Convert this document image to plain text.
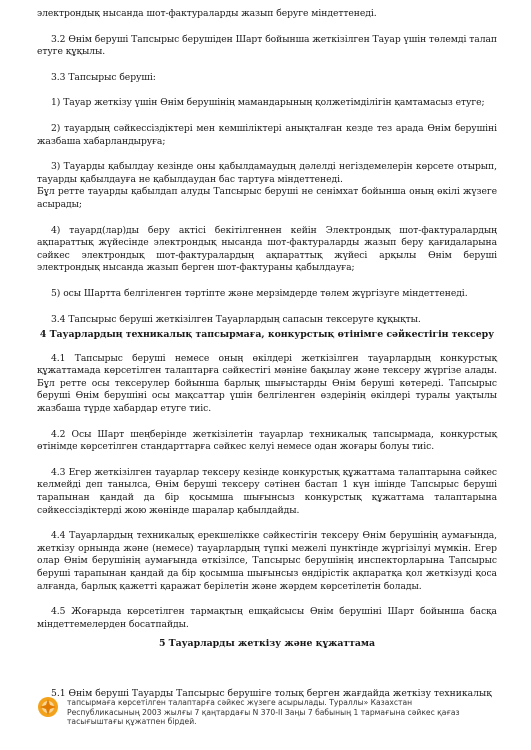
электрондық нысанда шот-фактураларды жазып беруге міндеттенеді.

3.2 Өнім беруші Тапсырыс берушіден Шарт бойынша жеткізілген Тауар үшін төлемді талап етуге құқылы.

3.3 Тапсырыс беруші:

1) Тауар жеткізу үшін Өнім берушінің мамандарының қолжетімділігін қамтамасыз етуге;

2) тауардың сәйкессіздіктері мен кемшіліктері анықталған кезде тез арада Өнім берушіні жазбаша хабарландыруға;

3) Тауарды қабылдау кезінде оны қабылдамаудың дәлелді негіздемелерін көрсете отырып, тауарды қабылдауға не қабылдаудан бас тартуға міндеттенеді.

Бұл ретте тауарды қабылдап алуды Тапсырыс беруші не сенімхат бойынша оның өкілі жүзеге асырады;

4) тауард(лар)ды беру актісі бекітілгеннен кейін Электрондық шот-фактуралардың ақпараттық жүйесінде электрондық нысанда шот-фактураларды жазып беру қағидаларына сәйкес электрондық шот-фактуралардың ақпараттық жүйесі арқылы Өнім беруші электрондық нысанда жазып берген шот-фактураны қабылдауға;

5) осы Шартта белгіленген тәртіпте және мерзімдерде төлем жүргізуге міндеттенеді.

3.4 Тапсырыс беруші жеткізілген Тауарлардың сапасын тексеруге құқықты.

4 Тауарлардың техникалық тапсырмаға, конкурстық өтінімге сәйкестігін тексеру

4.1 Тапсырыс беруші немесе оның өкілдері жеткізілген тауарлардың конкурстық құжаттамада көрсетілген талаптарға сәйкестігі мәніне бақылау және тексеру жүргізе алады. Бұл ретте осы тексерулер бойынша барлық шығыстарды Өнім беруші көтереді. Тапсырыс беруші Өнім берушіні осы мақсаттар үшін белгіленген өздерінің өкілдері туралы уақтылы жазбаша түрде хабардар етуге тиіс.

4.2 Осы Шарт шеңберінде жеткізілетін тауарлар техникалық тапсырмада, конкурстық өтінімде көрсетілген стандарттарға сәйкес келуі немесе одан жоғары болуы тиіс.

4.3 Егер жеткізілген тауарлар тексеру кезінде конкурстық құжаттама талаптарына сәйкес келмейді деп танылса, Өнім беруші тексеру сәтінен бастап 1 күн ішінде Тапсырыс беруші тарапынан қандай да бір қосымша шығынсыз конкурстық құжаттама талаптарына сәйкессіздіктерді жою жөнінде шаралар қабылдайды.

4.4 Тауарлардың техникалық ерекшелікке сәйкестігін тексеру Өнім берушінің аумағында, жеткізу орнында және (немесе) тауарлардың түпкі межелі пунктінде жүргізілуі мүмкін. Егер олар Өнім берушінің аумағында өткізілсе, Тапсырыс берушінің инспекторларына Тапсырыс беруші тарапынан қандай да бір қосымша шығынсыз өндірістік ақпаратқа қол жеткізуді қоса алғанда, барлық қажетті қаражат берілетін және жәрдем көрсетілетін болады.

4.5 Жоғарыда көрсетілген тармақтың ешқайсысы Өнім берушіні Шарт бойынша басқа міндеттемелерден босатпайды.

5 Тауарларды жеткізу және құжаттама

5.1 Өнім беруші Тауарды Тапсырыс берушіге толық берген жағдайда жеткізу техникалық
тапсырмаға көрсетілген талаптарға сәйкес жүзеге асырылады. Тураллы» Казахстан
Республикасының 2003 жылғы 7 қаңтардағы N 370-II Заңы 7 бабының 1 тармағына сәйкес қағаз
тасығыштағы құжатпен бірдей.
